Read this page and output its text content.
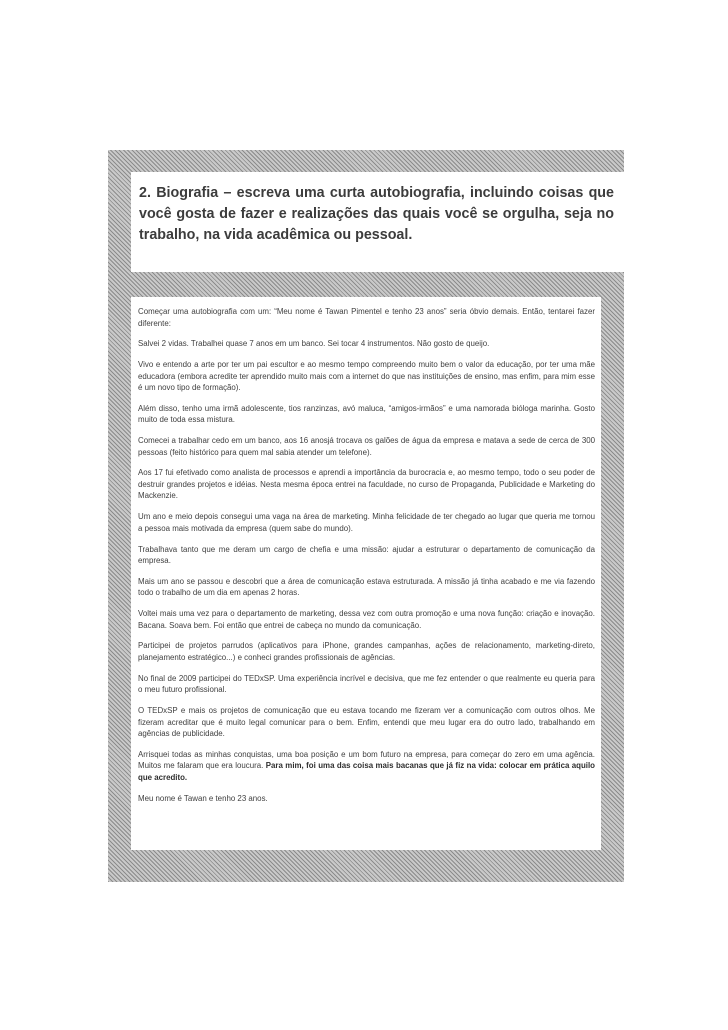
2. Biografia – escreva uma curta autobiografia, incluindo coisas que você gosta de fazer e realizações das quais você se orgulha, seja no trabalho, na vida acadêmica ou pessoal.

Começar uma autobiografia com um: “Meu nome é Tawan Pimentel e tenho 23 anos” seria óbvio demais. Então, tentarei fazer diferente:

Salvei 2 vidas. Trabalhei quase 7 anos em um banco. Sei tocar 4 instrumentos. Não gosto de queijo.

Vivo e entendo a arte por ter um pai escultor e ao mesmo tempo compreendo muito bem o valor da educação, por ter uma mãe educadora (embora acredite ter aprendido muito mais com a internet do que nas instituições de ensino, mas enfim, para mim esse é um novo tipo de formação).

Além disso, tenho uma irmã adolescente, tios ranzinzas, avó maluca, “amigos-irmãos” e uma namorada bióloga marinha. Gosto muito de toda essa mistura.

Comecei a trabalhar cedo em um banco, aos 16 anosjá trocava os galões de água da empresa e matava a sede de cerca de 300 pessoas (feito histórico para quem mal sabia atender um telefone).

Aos 17 fui efetivado como analista de processos e aprendi a importância da burocracia e, ao mesmo tempo, todo o seu poder de destruir grandes projetos e idéias. Nesta mesma época entrei na faculdade, no curso de Propaganda, Publicidade e Marketing do Mackenzie.

Um ano e meio depois consegui uma vaga na área de marketing. Minha felicidade de ter chegado ao lugar que queria me tornou a pessoa mais motivada da empresa (quem sabe do mundo).

Trabalhava tanto que me deram um cargo de chefia e uma missão: ajudar a estruturar o departamento de comunicação da empresa.

Mais um ano se passou e descobri que a área de comunicação estava estruturada. A missão já tinha acabado e me via fazendo todo o trabalho de um dia em apenas 2 horas.

Voltei mais uma vez para o departamento de marketing, dessa vez com outra promoção e uma nova função: criação e inovação. Bacana. Soava bem. Foi então que entrei de cabeça no mundo da comunicação.

Participei de projetos parrudos (aplicativos para iPhone, grandes campanhas, ações de relacionamento, marketing-direto, planejamento estratégico...) e conheci grandes profissionais de agências.

No final de 2009 participei do TEDxSP. Uma experiência incrível e decisiva, que me fez entender o que realmente eu queria para o meu futuro profissional.

O TEDxSP e mais os projetos de comunicação que eu estava tocando me fizeram ver a comunicação com outros olhos. Me fizeram acreditar que é muito legal comunicar para o bem. Enfim, entendi que meu lugar era do outro lado, trabalhando em agências de publicidade.

Arrisquei todas as minhas conquistas, uma boa posição e um bom futuro na empresa, para começar do zero em uma agência. Muitos me falaram que era loucura. Para mim, foi uma das coisa mais bacanas que já fiz na vida: colocar em prática aquilo que acredito.

Meu nome é Tawan e tenho 23 anos.
